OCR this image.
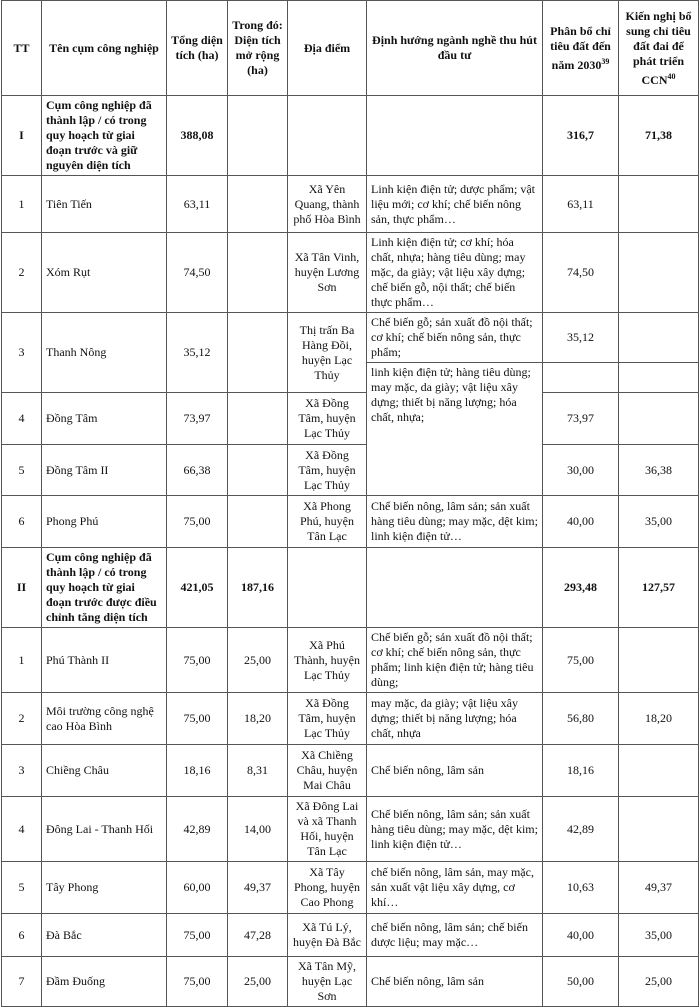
TT	Tên cụm công nghiệp	Tổng diện tích (ha)	Trong đó: Diện tích mở rộng (ha)	Địa điểm	Định hướng ngành nghề thu hút đầu tư	Phân bổ chỉ tiêu đất đến năm 2030$^{39}$	Kiến nghị bổ sung chỉ tiêu đất đai để phát triển CCN$^{40}$
I	Cụm công nghiệp đã thành lập / có trong quy hoạch từ giai đoạn trước và giữ nguyên diện tích	388,08				316,7	71,38
1	Tiên Tiến	63,11		Xã Yên Quang, thành phố Hòa Bình	Linh kiện điện tử; dược phẩm; vật liệu mới; cơ khí; chế biến nông sản, thực phẩm…	63,11	
2	Xóm Rụt	74,50		Xã Tân Vinh, huyện Lương Sơn	Linh kiện điện tử; cơ khí; hóa chất, nhựa; hàng tiêu dùng; may mặc, da giày; vật liệu xây dựng; chế biến gỗ, nội thất; chế biến thực phẩm…	74,50	
3	Thanh Nông	35,12		Thị trấn Ba Hàng Đồi, huyện Lạc Thủy	Chế biến gỗ; sản xuất đồ nội thất; cơ khí; chế biến nông sản, thực phẩm;	35,12	
					linh kiện điện tử; hàng tiêu dùng; may mặc, da giày; vật liệu xây dựng; thiết bị năng lượng; hóa chất, nhựa;		
4	Đồng Tâm	73,97		Xã Đồng Tâm, huyện Lạc Thủy		73,97	
5	Đồng Tâm II	66,38		Xã Đồng Tâm, huyện Lạc Thủy		30,00	36,38
6	Phong Phú	75,00		Xã Phong Phú, huyện Tân Lạc	Chế biến nông, lâm sản; sản xuất hàng tiêu dùng; may mặc, dệt kim; linh kiện điện tử…	40,00	35,00
II	Cụm công nghiệp đã thành lập / có trong quy hoạch từ giai đoạn trước được điều chỉnh tăng diện tích	421,05	187,16			293,48	127,57
1	Phú Thành II	75,00	25,00	Xã Phú Thành, huyện Lạc Thủy	Chế biến gỗ; sản xuất đồ nội thất; cơ khí; chế biến nông sản, thực phẩm; linh kiện điện tử; hàng tiêu dùng;	75,00	
2	Môi trường công nghệ cao Hòa Bình	75,00	18,20	Xã Đồng Tâm, huyện Lạc Thủy	may mặc, da giày; vật liệu xây dựng; thiết bị năng lượng; hóa chất, nhựa	56,80	18,20
3	Chiềng Châu	18,16	8,31	Xã Chiềng Châu, huyện Mai Châu	Chế biến nông, lâm sản	18,16	
4	Đông Lai - Thanh Hối	42,89	14,00	Xã Đông Lai và xã Thanh Hối, huyện Tân Lạc	Chế biến nông, lâm sản; sản xuất hàng tiêu dùng; may mặc, dệt kim; linh kiện điện tử…	42,89	
5	Tây Phong	60,00	49,37	Xã Tây Phong, huyện Cao Phong	chế biến nông, lâm sản, may mặc, sản xuất vật liệu xây dựng, cơ khí…	10,63	49,37
6	Đà Bắc	75,00	47,28	Xã Tú Lý, huyện Đà Bắc	chế biến nông, lâm sản; chế biến dược liệu; may mặc…	40,00	35,00
7	Đầm Đuống	75,00	25,00	Xã Tân Mỹ, huyện Lạc Sơn	Chế biến nông, lâm sản	50,00	25,00
